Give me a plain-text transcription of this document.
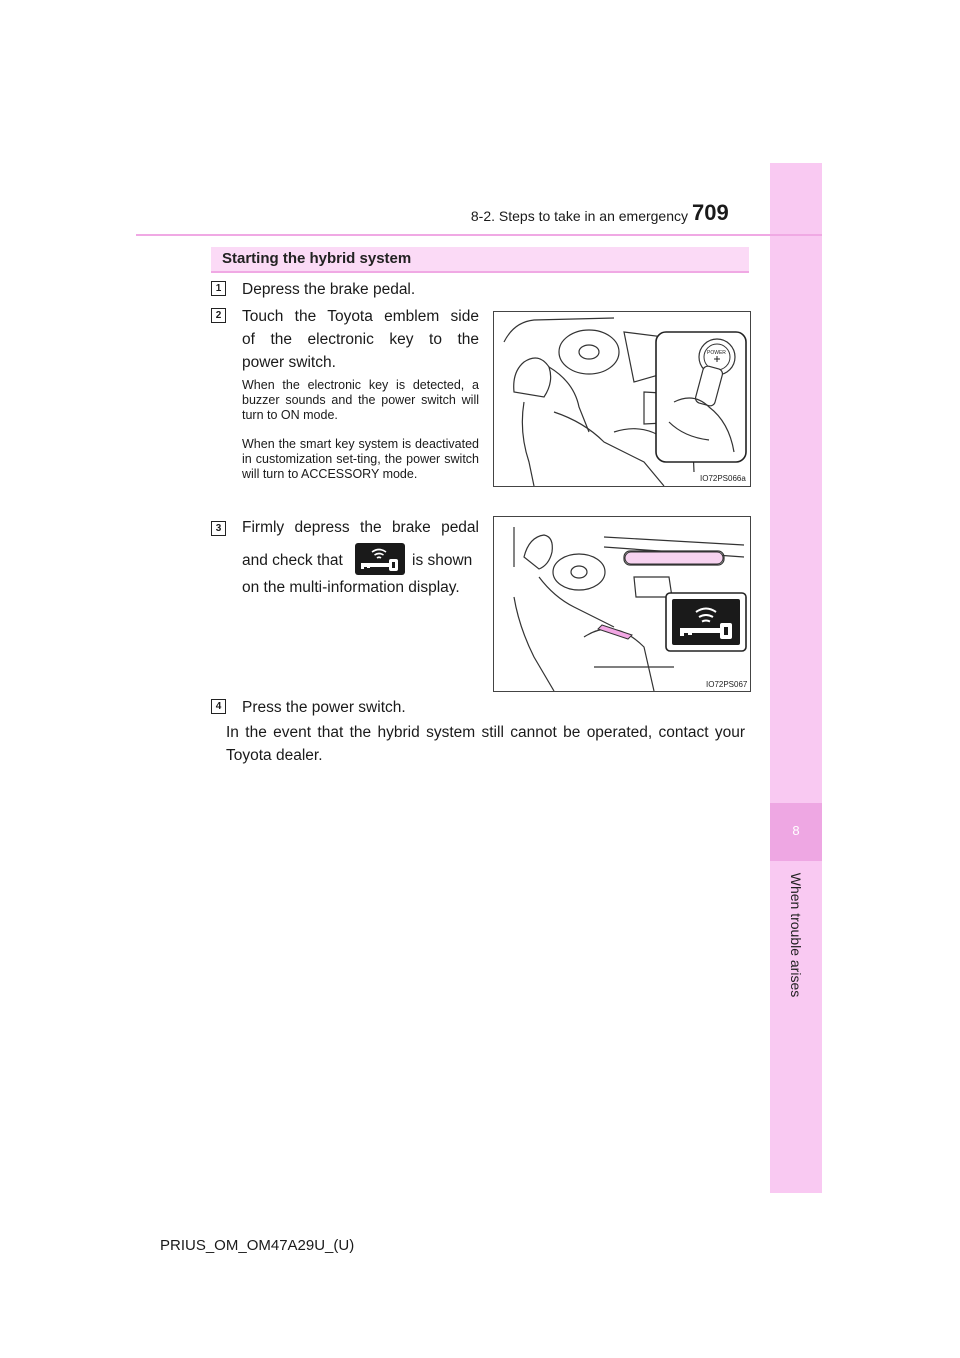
8
When trouble arises
8-2. Steps to take in an emergency 709
Starting the hybrid system
1	Depress the brake pedal.
2	Touch the Toyota emblem side
of the electronic key to the
power switch.
When the electronic key is detected, a buzzer sounds and the power switch will turn to ON mode.
When the smart key system is deactivated in customization set-ting, the power switch will turn to ACCESSORY mode.
POWER
IO72PS066a
3	Firmly depress the brake pedal
and check that	is shown
on the multi-information display.
IO72PS067
4	Press the power switch.
In the event that the hybrid system still cannot be operated, contact your Toyota dealer.
PRIUS_OM_OM47A29U_(U)
